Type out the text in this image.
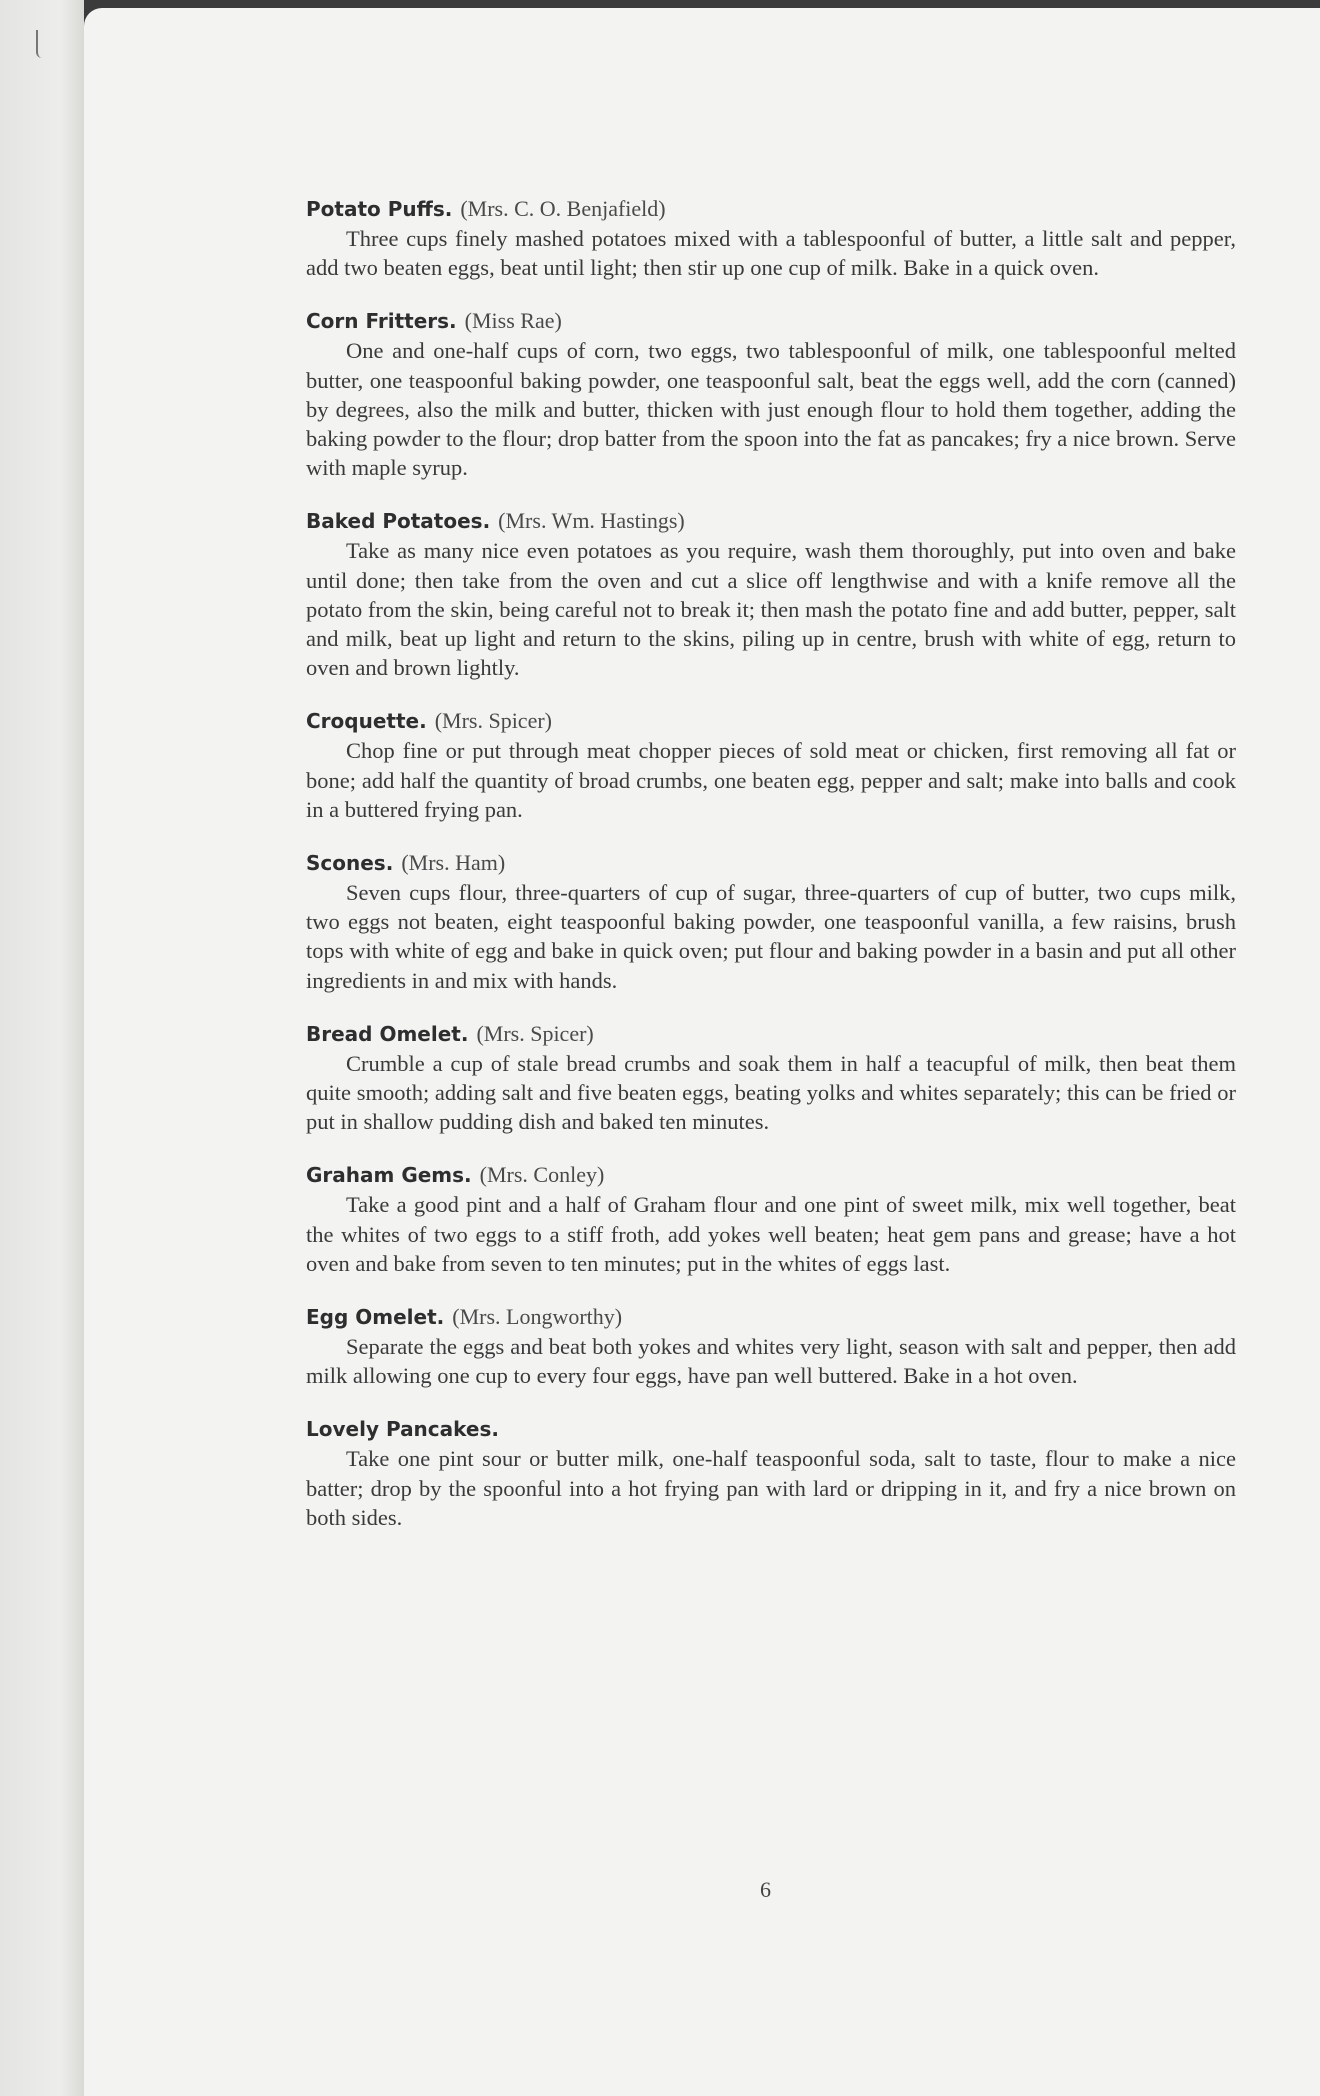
Potato Puffs. (Mrs. C. O. Benjafield)

Three cups finely mashed potatoes mixed with a tablespoonful of butter, a little salt and pepper, add two beaten eggs, beat until light; then stir up one cup of milk. Bake in a quick oven.

Corn Fritters. (Miss Rae)

One and one-half cups of corn, two eggs, two tablespoonful of milk, one tablespoonful melted butter, one teaspoonful baking powder, one teaspoonful salt, beat the eggs well, add the corn (canned) by degrees, also the milk and butter, thicken with just enough flour to hold them together, adding the baking powder to the flour; drop batter from the spoon into the fat as pancakes; fry a nice brown. Serve with maple syrup.

Baked Potatoes. (Mrs. Wm. Hastings)

Take as many nice even potatoes as you require, wash them thoroughly, put into oven and bake until done; then take from the oven and cut a slice off lengthwise and with a knife remove all the potato from the skin, being careful not to break it; then mash the potato fine and add butter, pepper, salt and milk, beat up light and return to the skins, piling up in centre, brush with white of egg, return to oven and brown lightly.

Croquette. (Mrs. Spicer)

Chop fine or put through meat chopper pieces of sold meat or chicken, first removing all fat or bone; add half the quantity of broad crumbs, one beaten egg, pepper and salt; make into balls and cook in a buttered frying pan.

Scones. (Mrs. Ham)

Seven cups flour, three-quarters of cup of sugar, three-quarters of cup of butter, two cups milk, two eggs not beaten, eight teaspoonful baking powder, one teaspoonful vanilla, a few raisins, brush tops with white of egg and bake in quick oven; put flour and baking powder in a basin and put all other ingredients in and mix with hands.

Bread Omelet. (Mrs. Spicer)

Crumble a cup of stale bread crumbs and soak them in half a teacupful of milk, then beat them quite smooth; adding salt and five beaten eggs, beating yolks and whites separately; this can be fried or put in shallow pudding dish and baked ten minutes.

Graham Gems. (Mrs. Conley)

Take a good pint and a half of Graham flour and one pint of sweet milk, mix well together, beat the whites of two eggs to a stiff froth, add yokes well beaten; heat gem pans and grease; have a hot oven and bake from seven to ten minutes; put in the whites of eggs last.

Egg Omelet. (Mrs. Longworthy)

Separate the eggs and beat both yokes and whites very light, season with salt and pepper, then add milk allowing one cup to every four eggs, have pan well buttered. Bake in a hot oven.

Lovely Pancakes.

Take one pint sour or butter milk, one-half teaspoonful soda, salt to taste, flour to make a nice batter; drop by the spoonful into a hot frying pan with lard or dripping in it, and fry a nice brown on both sides.

6
